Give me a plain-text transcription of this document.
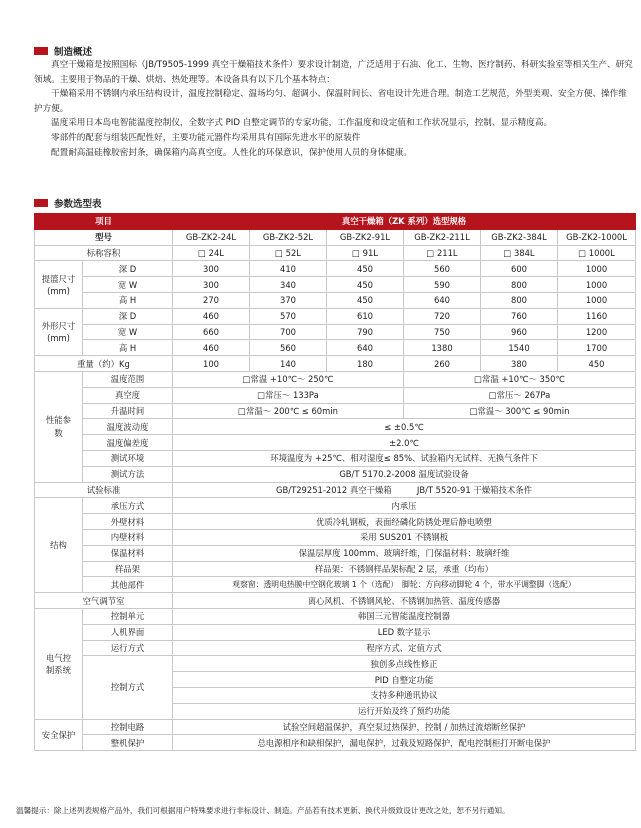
制造概述

真空干燥箱是按照国标（JB/T9505-1999 真空干燥箱技术条件）要求设计制造，广泛适用于石油、化工、生物、医疗制药、科研实验室等相关生产、研究领域。主要用于物品的干燥、烘焙、热处理等。本设备具有以下几个基本特点：

干燥箱采用不锈钢内承压结构设计，温度控制稳定、温场均匀、超调小、保温时间长、省电设计先进合理。制造工艺规范，外型美观、安全方便、操作维护方便。

温度采用日本岛电智能温度控制仪，全数字式 PID 自整定调节的专家功能，工作温度和设定值和工作状况显示，控制、显示精度高。

零部件的配套与组装匹配性好，主要功能元器件均采用具有国际先进水平的原装件

配置耐高温硅橡胶密封条，确保箱内高真空度。人性化的环保意识，保护使用人员的身体健康。

参数选型表
项目		真空干燥箱（ZK 系列）选型规格					
型号		GB-ZK2-24L	GB-ZK2-52L	GB-ZK2-91L	GB-ZK2-211L	GB-ZK2-384L	GB-ZK2-1000L
标称容积		□ 24L	□ 52L	□ 91L	□ 211L	□ 384L	□ 1000L
提篮尺寸 (mm)	深 D	300	410	450	560	600	1000
	宽 W	300	340	450	590	800	1000
	高 H	270	370	450	640	800	1000
外形尺寸 (mm)	深 D	460	570	610	720	760	1160
	宽 W	660	700	790	750	960	1200
	高 H	460	560	640	1380	1540	1700
重量（约）Kg		100	140	180	260	380	450
性能参数	温度范围	□常温 +10℃～ 250℃			□常温 +10℃～ 350℃		
	真空度	□常压～ 133Pa			□常压～ 267Pa		
	升温时间	□常温～ 200℃ ≤ 60min			□常温～ 300℃ ≤ 90min		
	温度波动度	≤ ±0.5℃					
	温度偏差度	±2.0℃					
	测试环境	环境温度为 +25℃、相对湿度≤ 85%、试验箱内无试样、无换气条件下					
	测试方法	GB/T 5170.2-2008 温度试验设备					
试验标准		GB/T29251-2012 真空干燥箱　　　JB/T 5520-91 干燥箱技术条件					
结构	承压方式	内承压					
	外壁材料	优质冷轧钢板，表面经磷化防锈处理后静电喷塑					
	内壁材料	采用 SUS201 不锈钢板					
	保温材料	保温层厚度 100mm、玻璃纤维，门保温材料：玻璃纤维					
	样品架	样品架：不锈钢样品架标配 2 层，承重（均布）					
	其他部件	观察窗：透明电热膜中空钢化玻璃 1 个（选配）　脚轮：方向移动脚轮 4 个，带水平调整脚（选配）					
空气调节室		离心风机、不锈钢风轮、不锈钢加热管、温度传感器					
电气控制系统	控制单元	韩国三元智能温度控制器					
	人机界面	LED 数字显示					
	运行方式	程序方式、定值方式					
	控制方式	独创多点线性修正					
		PID 自整定功能					
		支持多种通讯协议					
		运行开始及终了预约功能					
安全保护	控制电路	试验空间超温保护，真空泵过热保护，控制 / 加热过流熔断丝保护					
	整机保护	总电源相序和缺相保护，漏电保护，过载及短路保护，配电控制柜打开断电保护					
温馨提示：除上述列表规格产品外，我们可根据用户特殊要求进行非标设计、制造。产品若有技术更新、换代升级致设计更改之处，恕不另行通知。
